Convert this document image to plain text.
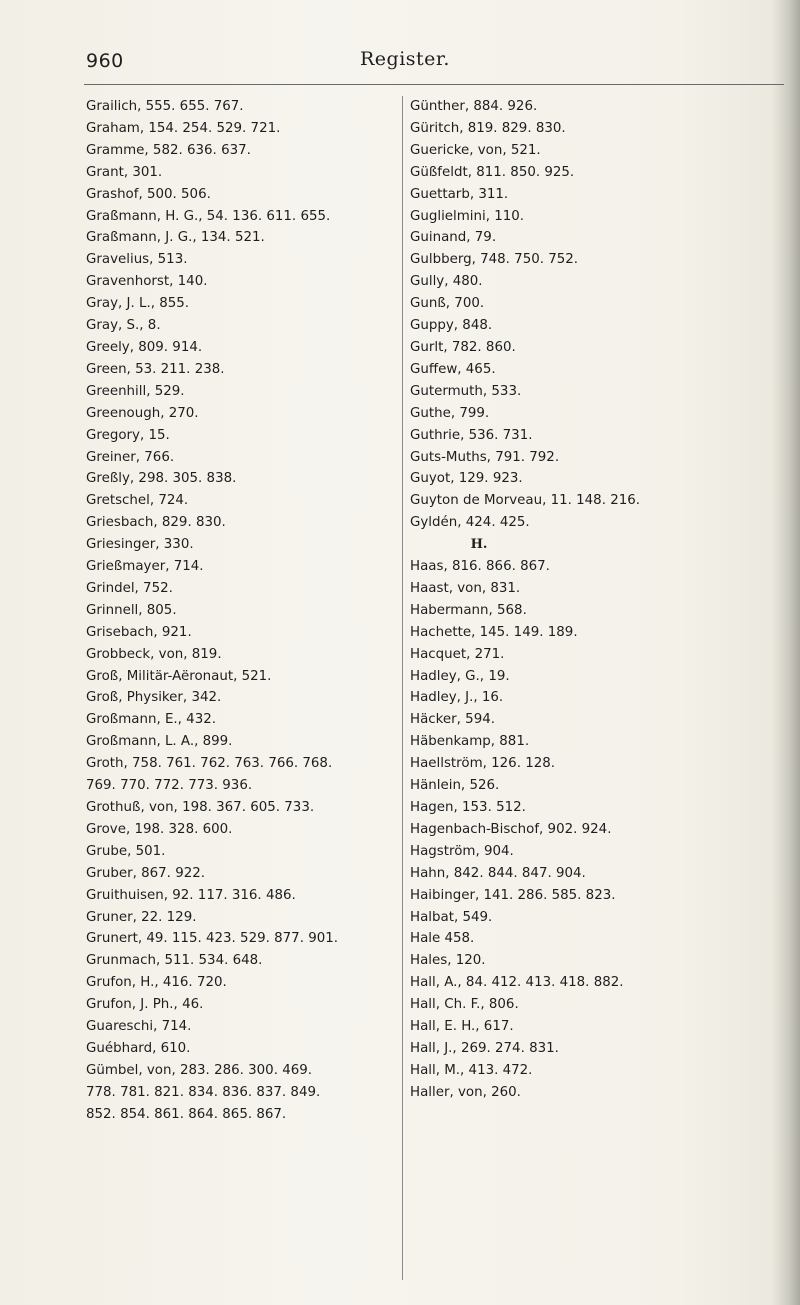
960	Register.
Grailich, 555. 655. 767.
Graham, 154. 254. 529. 721.
Gramme, 582. 636. 637.
Grant, 301.
Grashof, 500. 506.
Graßmann, H. G., 54. 136. 611. 655.
Graßmann, J. G., 134. 521.
Gravelius, 513.
Gravenhorst, 140.
Gray, J. L., 855.
Gray, S., 8.
Greely, 809. 914.
Green, 53. 211. 238.
Greenhill, 529.
Greenough, 270.
Gregory, 15.
Greiner, 766.
Greßly, 298. 305. 838.
Gretschel, 724.
Griesbach, 829. 830.
Griesinger, 330.
Grießmayer, 714.
Grindel, 752.
Grinnell, 805.
Grisebach, 921.
Grobbeck, von, 819.
Groß, Militär-Aëronaut, 521.
Groß, Physiker, 342.
Großmann, E., 432.
Großmann, L. A., 899.
Groth, 758. 761. 762. 763. 766. 768.
769. 770. 772. 773. 936.
Grothuß, von, 198. 367. 605. 733.
Grove, 198. 328. 600.
Grube, 501.
Gruber, 867. 922.
Gruithuisen, 92. 117. 316. 486.
Gruner, 22. 129.
Grunert, 49. 115. 423. 529. 877. 901.
Grunmach, 511. 534. 648.
Grufon, H., 416. 720.
Grufon, J. Ph., 46.
Guareschi, 714.
Guébhard, 610.
Gümbel, von, 283. 286. 300. 469.
778. 781. 821. 834. 836. 837. 849.
852. 854. 861. 864. 865. 867.
Günther, 884. 926.
Güritch, 819. 829. 830.
Guericke, von, 521.
Güßfeldt, 811. 850. 925.
Guettarb, 311.
Guglielmini, 110.
Guinand, 79.
Gulbberg, 748. 750. 752.
Gully, 480.
Gunß, 700.
Guppy, 848.
Gurlt, 782. 860.
Guffew, 465.
Gutermuth, 533.
Guthe, 799.
Guthrie, 536. 731.
Guts-Muths, 791. 792.
Guyot, 129. 923.
Guyton de Morveau, 11. 148. 216.
Gyldén, 424. 425.
H.
Haas, 816. 866. 867.
Haast, von, 831.
Habermann, 568.
Hachette, 145. 149. 189.
Hacquet, 271.
Hadley, G., 19.
Hadley, J., 16.
Häcker, 594.
Häbenkamp, 881.
Haellström, 126. 128.
Hänlein, 526.
Hagen, 153. 512.
Hagenbach-Bischof, 902. 924.
Hagström, 904.
Hahn, 842. 844. 847. 904.
Haibinger, 141. 286. 585. 823.
Halbat, 549.
Hale 458.
Hales, 120.
Hall, A., 84. 412. 413. 418. 882.
Hall, Ch. F., 806.
Hall, E. H., 617.
Hall, J., 269. 274. 831.
Hall, M., 413. 472.
Haller, von, 260.
